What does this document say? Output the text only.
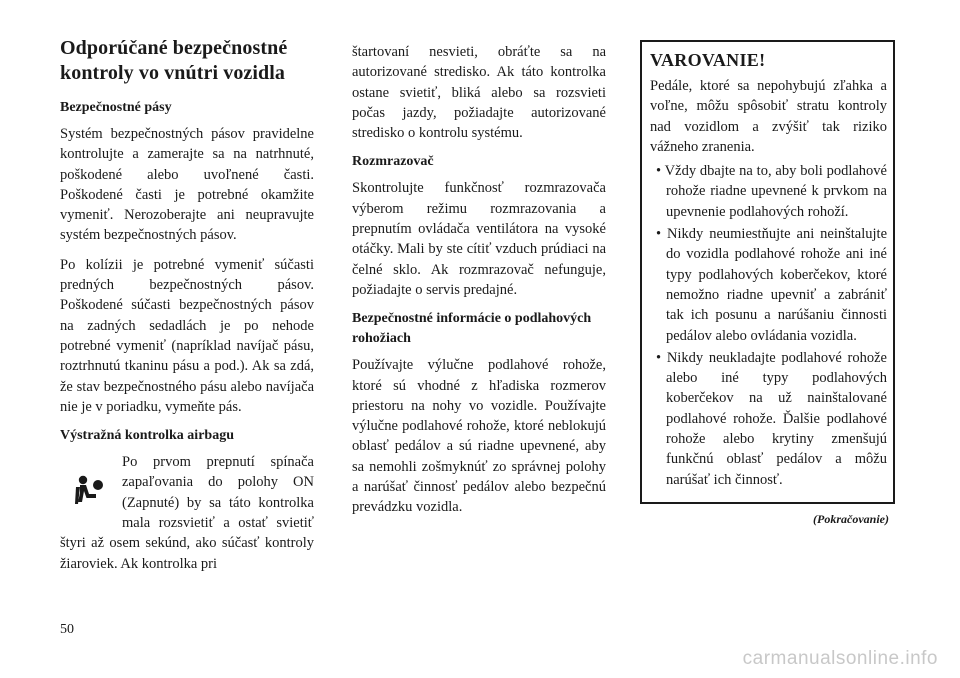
Odporúčané bezpečnostné kontroly vo vnútri vozidla
Bezpečnostné pásy

Systém bezpečnostných pásov pravidelne kontrolujte a zamerajte sa na natrhnuté, poškodené alebo uvoľnené časti. Poškodené časti je potrebné okamžite vymeniť. Nerozoberajte ani neupravujte systém bezpečnostných pásov.

Po kolízii je potrebné vymeniť súčasti predných bezpečnostných pásov. Poškodené súčasti bezpečnostných pásov na zadných sedadlách je po nehode potrebné vymeniť (napríklad navíjač pásu, roztrhnutú tkaninu pásu a pod.). Ak sa zdá, že stav bezpečnostného pásu alebo navíjača nie je v poriadku, vymeňte pás.

Výstražná kontrolka airbagu

Po prvom prepnutí spínača zapaľovania do polohy ON (Zapnuté) by sa táto kontrolka mala rozsvietiť a ostať svietiť štyri až osem sekúnd, ako súčasť kontroly žiaroviek. Ak kontrolka pri

štartovaní nesvieti, obráťte sa na autorizované stredisko. Ak táto kontrolka ostane svietiť, bliká alebo sa rozsvieti počas jazdy, požiadajte autorizované stredisko o kontrolu systému.

Rozmrazovač

Skontrolujte funkčnosť rozmrazovača výberom režimu rozmrazovania a prepnutím ovládača ventilátora na vysoké otáčky. Mali by ste cítiť vzduch prúdiaci na čelné sklo. Ak rozmrazovač nefunguje, požiadajte o servis predajné.

Bezpečnostné informácie o podlahových rohožiach

Používajte výlučne podlahové rohože, ktoré sú vhodné z hľadiska rozmerov priestoru na nohy vo vozidle. Používajte výlučne podlahové rohože, ktoré neblokujú oblasť pedálov a sú riadne upevnené, aby sa nemohli zošmyknúť zo správnej polohy a narúšať činnosť pedálov alebo bezpečnú prevádzku vozidla.

VAROVANIE!

Pedále, ktoré sa nepohybujú zľahka a voľne, môžu spôsobiť stratu kontroly nad vozidlom a zvýšiť tak riziko vážneho zranenia.

• Vždy dbajte na to, aby boli podlahové rohože riadne upevnené k prvkom na upevnenie podlahových rohoží.
• Nikdy neumiestňujte ani neinštalujte do vozidla podlahové rohože ani iné typy podlahových koberčekov, ktoré nemožno riadne upevniť a zabrániť tak ich posunu a narúšaniu činnosti pedálov alebo ovládania vozidla.
• Nikdy neukladajte podlahové rohože alebo iné typy podlahových koberčekov na už nainštalované podlahové rohože. Ďalšie podlahové rohože alebo krytiny zmenšujú funkčnú oblasť pedálov a môžu narúšať ich činnosť.
(Pokračovanie)
50
carmanualsonline.info
